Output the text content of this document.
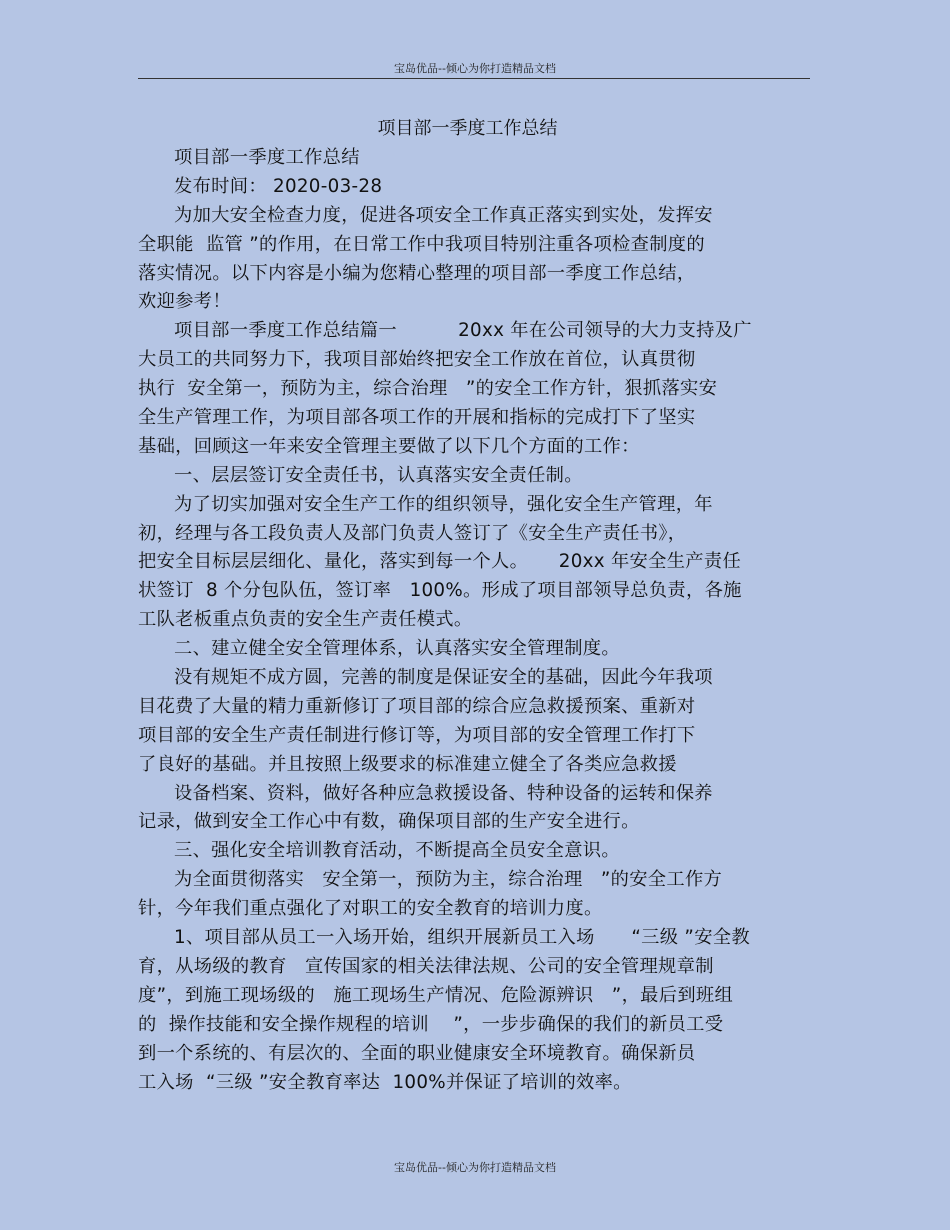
宝岛优品--倾心为你打造精品文档
项目部一季度工作总结
项目部一季度工作总结
发布时间： 2020-03-28
为加大安全检查力度，促进各项安全工作真正落实到实处，发挥安
全职能  监管 ”的作用，在日常工作中我项目特别注重各项检查制度的
落实情况。以下内容是小编为您精心整理的项目部一季度工作总结，
欢迎参考！
项目部一季度工作总结篇一          20xx 年在公司领导的大力支持及广
大员工的共同努力下，我项目部始终把安全工作放在首位，认真贯彻
执行  安全第一，预防为主，综合治理   ”的安全工作方针，狠抓落实安
全生产管理工作，为项目部各项工作的开展和指标的完成打下了坚实
基础，回顾这一年来安全管理主要做了以下几个方面的工作：
一、层层签订安全责任书，认真落实安全责任制。
为了切实加强对安全生产工作的组织领导，强化安全生产管理，年
初，经理与各工段负责人及部门负责人签订了《安全生产责任书》，
把安全目标层层细化、量化，落实到每一个人。     20xx 年安全生产责任
状签订  8 个分包队伍，签订率   100%。形成了项目部领导总负责，各施
工队老板重点负责的安全生产责任模式。
二、建立健全安全管理体系，认真落实安全管理制度。
没有规矩不成方圆，完善的制度是保证安全的基础，因此今年我项
目花费了大量的精力重新修订了项目部的综合应急救援预案、重新对
项目部的安全生产责任制进行修订等，为项目部的安全管理工作打下
了良好的基础。并且按照上级要求的标准建立健全了各类应急救援
设备档案、资料，做好各种应急救援设备、特种设备的运转和保养
记录，做到安全工作心中有数，确保项目部的生产安全进行。
三、强化安全培训教育活动，不断提高全员安全意识。
为全面贯彻落实   安全第一，预防为主，综合治理   ”的安全工作方
针，今年我们重点强化了对职工的安全教育的培训力度。
1、项目部从员工一入场开始，组织开展新员工入场      “三级 ”安全教
育，从场级的教育   宣传国家的相关法律法规、公司的安全管理规章制
度”，到施工现场级的   施工现场生产情况、危险源辨识   ”，最后到班组
的  操作技能和安全操作规程的培训    ”，一步步确保的我们的新员工受
到一个系统的、有层次的、全面的职业健康安全环境教育。确保新员
工入场  “三级 ”安全教育率达  100%并保证了培训的效率。
宝岛优品--倾心为你打造精品文档
